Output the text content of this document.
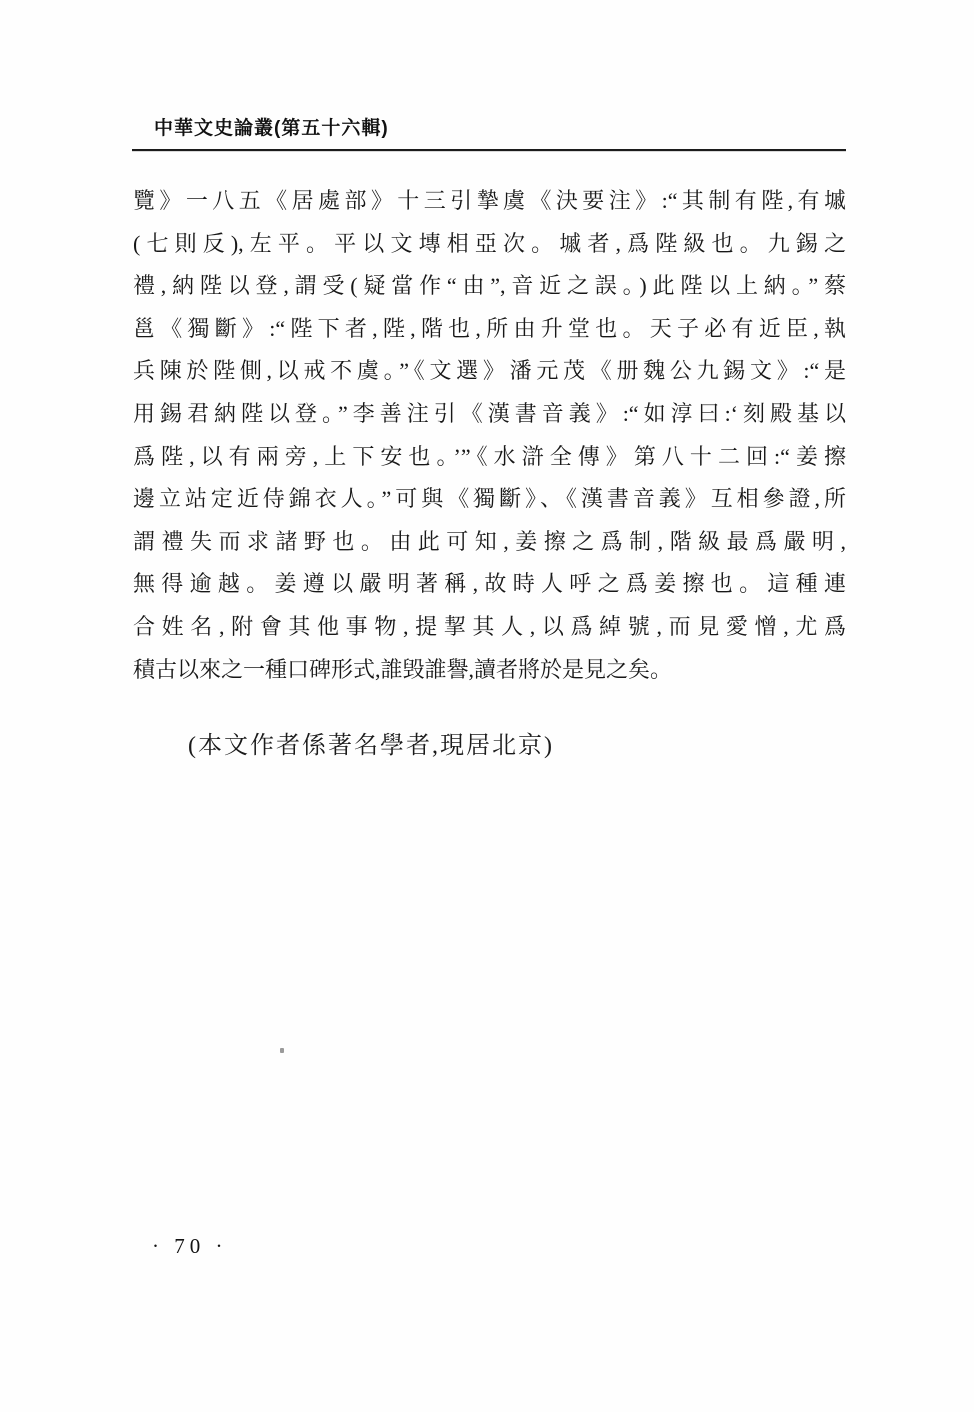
中華文史論叢(第五十六輯)
覽》一八五《居處部》十三引摯虞《決要注》:“其制有陛,有墄
(七則反),左平。平以文塼相亞次。墄者,爲陛級也。九錫之
禮,納陛以登,謂受(疑當作“由”,音近之誤。)此陛以上納。”蔡
邕《獨斷》:“陛下者,陛,階也,所由升堂也。天子必有近臣,執
兵陳於陛側,以戒不虞。”《文選》潘元茂《册魏公九錫文》:“是
用錫君納陛以登。”李善注引《漢書音義》:“如淳曰:‘刻殿基以
爲陛,以有兩旁,上下安也。’”《水滸全傳》第八十二回:“姜擦
邊立站定近侍錦衣人。”可與《獨斷》、《漢書音義》互相參證,所
謂禮失而求諸野也。由此可知,姜擦之爲制,階級最爲嚴明,
無得逾越。姜遵以嚴明著稱,故時人呼之爲姜擦也。這種連
合姓名,附會其他事物,提挈其人,以爲綽號,而見愛憎,尤爲
積古以來之一種口碑形式,誰毁誰譽,讀者將於是見之矣。
(本文作者係著名學者,現居北京)
· 70 ·
